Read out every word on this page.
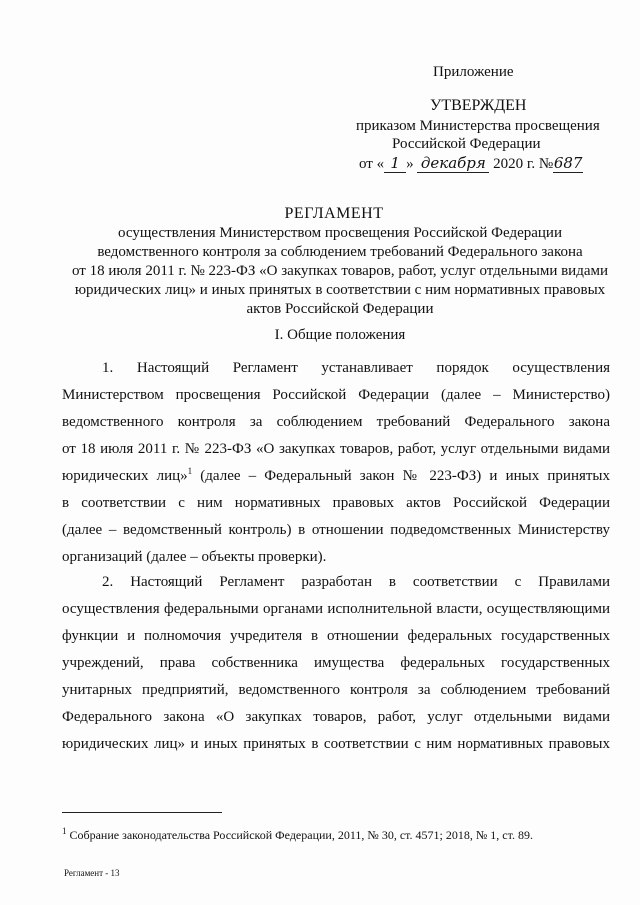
Приложение
УТВЕРЖДЕН
приказом Министерства просвещения
Российской Федерации
от « 1 » декабря 2020 г. №687
РЕГЛАМЕНТ
осуществления Министерством просвещения Российской Федерации
ведомственного контроля за соблюдением требований Федерального закона
от 18 июля 2011 г. № 223-ФЗ «О закупках товаров, работ, услуг отдельными видами
юридических лиц» и иных принятых в соответствии с ним нормативных правовых
актов Российской Федерации
I. Общие положения
1. Настоящий Регламент устанавливает порядок осуществления
Министерством просвещения Российской Федерации (далее – Министерство)
ведомственного контроля за соблюдением требований Федерального закона
от 18 июля 2011 г. № 223-ФЗ «О закупках товаров, работ, услуг отдельными видами
юридических лиц»$^1$ (далее – Федеральный закон № 223-ФЗ) и иных принятых
в соответствии с ним нормативных правовых актов Российской Федерации
(далее – ведомственный контроль) в отношении подведомственных Министерству
организаций (далее – объекты проверки).
2. Настоящий Регламент разработан в соответствии с Правилами
осуществления федеральными органами исполнительной власти, осуществляющими
функции и полномочия учредителя в отношении федеральных государственных
учреждений, права собственника имущества федеральных государственных
унитарных предприятий, ведомственного контроля за соблюдением требований
Федерального закона «О закупках товаров, работ, услуг отдельными видами
юридических лиц» и иных принятых в соответствии с ним нормативных правовых
$^1$ Собрание законодательства Российской Федерации, 2011, № 30, ст. 4571; 2018, № 1, ст. 89.
Регламент - 13
